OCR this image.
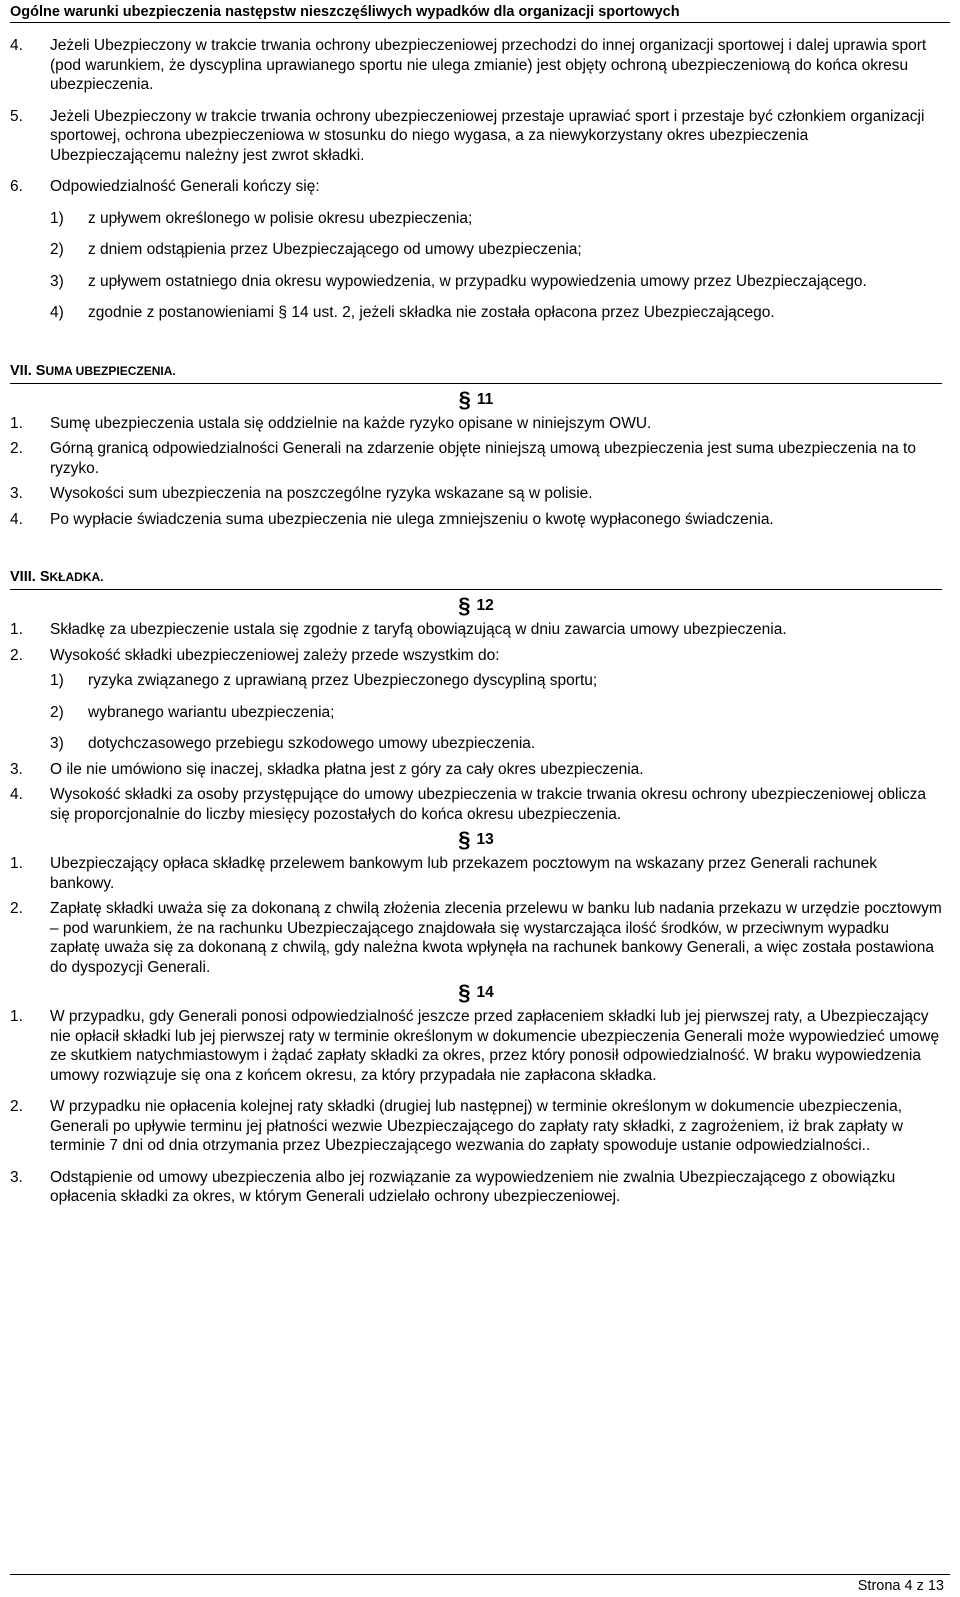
Ogólne warunki ubezpieczenia następstw nieszczęśliwych wypadków dla organizacji sportowych
4.	Jeżeli Ubezpieczony w trakcie trwania ochrony ubezpieczeniowej przechodzi do innej organizacji sportowej i dalej uprawia sport (pod warunkiem, że dyscyplina uprawianego sportu nie ulega zmianie) jest objęty ochroną ubezpieczeniową do końca okresu ubezpieczenia.
5.	Jeżeli Ubezpieczony w trakcie trwania ochrony ubezpieczeniowej przestaje uprawiać sport i przestaje być członkiem organizacji sportowej, ochrona ubezpieczeniowa w stosunku do niego wygasa, a za niewykorzystany okres ubezpieczenia Ubezpieczającemu należny jest zwrot składki.
6.	Odpowiedzialność Generali kończy się:
1)	z upływem określonego w polisie okresu ubezpieczenia;
2)	z dniem odstąpienia przez Ubezpieczającego od umowy ubezpieczenia;
3)	z upływem ostatniego dnia okresu wypowiedzenia, w przypadku wypowiedzenia umowy przez Ubezpieczającego.
4)	zgodnie z postanowieniami § 14 ust. 2, jeżeli składka nie została opłacona przez Ubezpieczającego.
VII. SUMA UBEZPIECZENIA.
§ 11
1.	Sumę ubezpieczenia ustala się oddzielnie na każde ryzyko opisane w niniejszym OWU.
2.	Górną granicą odpowiedzialności Generali na zdarzenie objęte niniejszą umową ubezpieczenia jest suma ubezpieczenia na to ryzyko.
3.	Wysokości sum ubezpieczenia na poszczególne ryzyka wskazane są w polisie.
4.	Po wypłacie świadczenia suma ubezpieczenia nie ulega zmniejszeniu o kwotę wypłaconego świadczenia.
VIII. SKŁADKA.
§ 12
1.	Składkę za ubezpieczenie ustala się zgodnie z taryfą obowiązującą w dniu zawarcia umowy ubezpieczenia.
2.	Wysokość składki ubezpieczeniowej zależy przede wszystkim do:
1)	ryzyka związanego z uprawianą przez Ubezpieczonego dyscypliną sportu;
2)	wybranego wariantu ubezpieczenia;
3)	dotychczasowego przebiegu szkodowego umowy ubezpieczenia.
3.	O ile nie umówiono się inaczej, składka płatna jest z góry za cały okres ubezpieczenia.
4.	Wysokość składki za osoby przystępujące do umowy ubezpieczenia w trakcie trwania okresu ochrony ubezpieczeniowej oblicza się proporcjonalnie do liczby miesięcy pozostałych do końca okresu ubezpieczenia.
§ 13
1.	Ubezpieczający opłaca składkę przelewem bankowym lub przekazem pocztowym na wskazany przez Generali rachunek bankowy.
2.	Zapłatę składki uważa się za dokonaną z chwilą złożenia zlecenia przelewu w banku lub nadania przekazu w urzędzie pocztowym – pod warunkiem, że na rachunku Ubezpieczającego znajdowała się wystarczająca ilość środków, w przeciwnym wypadku zapłatę uważa się za dokonaną z chwilą, gdy należna kwota wpłynęła na rachunek bankowy Generali, a więc została postawiona do dyspozycji Generali.
§ 14
1.	W przypadku, gdy Generali ponosi odpowiedzialność jeszcze przed zapłaceniem składki lub jej pierwszej raty, a Ubezpieczający nie opłacił składki lub jej pierwszej raty w terminie określonym w dokumencie ubezpieczenia Generali może wypowiedzieć umowę ze skutkiem natychmiastowym i żądać zapłaty składki za okres, przez który ponosił odpowiedzialność. W braku wypowiedzenia umowy rozwiązuje się ona z końcem okresu, za który przypadała nie zapłacona składka.
2.	W przypadku nie opłacenia kolejnej raty składki (drugiej lub następnej) w terminie określonym w dokumencie ubezpieczenia, Generali po upływie terminu jej płatności wezwie Ubezpieczającego do zapłaty raty składki, z zagrożeniem, iż brak zapłaty w terminie 7 dni od dnia otrzymania przez Ubezpieczającego wezwania do zapłaty spowoduje ustanie odpowiedzialności..
3.	Odstąpienie od umowy ubezpieczenia albo jej rozwiązanie za wypowiedzeniem nie zwalnia Ubezpieczającego z obowiązku opłacenia składki za okres, w którym Generali udzielało ochrony ubezpieczeniowej.
Strona 4 z 13
